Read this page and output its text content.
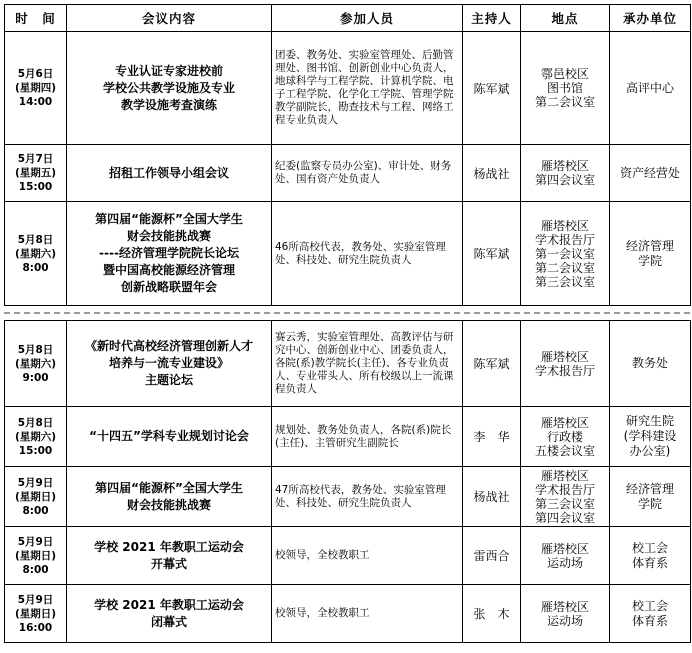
时　间	会议内容	参加人员	主持人	地点	承办单位

5月6日
(星期四)
14:00	专业认证专家进校前
学校公共教学设施及专业
教学设施考查演练	团委、教务处、实验室管理处、后勤管理处、图书馆、创新创业中心负责人，地球科学与工程学院、计算机学院、电子工程学院、化学化工学院、管理学院教学副院长，勘查技术与工程、网络工程专业负责人	陈军斌	鄠邑校区
图书馆
第二会议室	高评中心

5月7日
(星期五)
15:00	招租工作领导小组会议	纪委(监察专员办公室)、审计处、财务处、国有资产处负责人	杨战社	雁塔校区
第四会议室	资产经营处

5月8日
(星期六)
8:00	第四届“能源杯”全国大学生
财会技能挑战赛
----经济管理学院院长论坛
暨中国高校能源经济管理
创新战略联盟年会	46所高校代表，教务处、实验室管理处、科技处、研究生院负责人	陈军斌	雁塔校区
学术报告厅
第一会议室
第二会议室
第三会议室	经济管理
学院
5月8日
(星期六)
9:00	《新时代高校经济管理创新人才
培养与一流专业建设》
主题论坛	赛云秀，实验室管理处、高教评估与研究中心、创新创业中心、团委负责人，各院(系)教学院长(主任)、各专业负责人、专业带头人、所有校级以上一流课程负责人	陈军斌	雁塔校区
学术报告厅	教务处

5月8日
(星期六)
15:00	“十四五”学科专业规划讨论会	规划处、教务处负责人，各院(系)院长(主任)、主管研究生副院长	李　华	雁塔校区
行政楼
五楼会议室	研究生院
(学科建设
办公室)

5月9日
(星期日)
8:00	第四届“能源杯”全国大学生
财会技能挑战赛	47所高校代表，教务处、实验室管理处、科技处、研究生院负责人	杨战社	雁塔校区
学术报告厅
第三会议室
第四会议室	经济管理
学院

5月9日
(星期日)
8:00	学校 2021 年教职工运动会
开幕式	校领导，全校教职工	雷西合	雁塔校区
运动场	校工会
体育系

5月9日
(星期日)
16:00	学校 2021 年教职工运动会
闭幕式	校领导，全校教职工	张　木	雁塔校区
运动场	校工会
体育系
